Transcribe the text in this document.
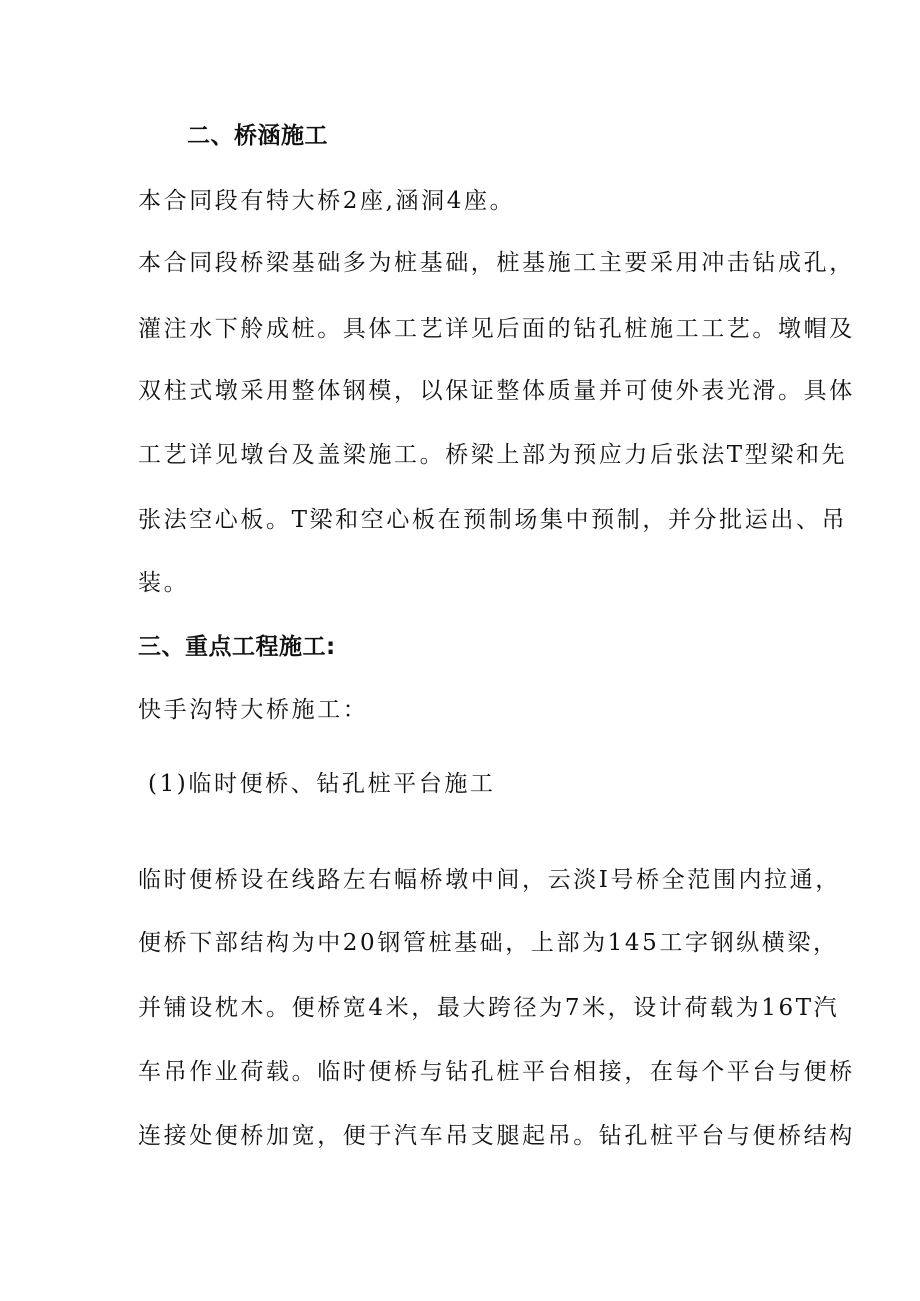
二、桥涵施工
本合同段有特大桥2座,涵洞4座。
本合同段桥梁基础多为桩基础，桩基施工主要采用冲击钻成孔，
灌注水下舲成桩。具体工艺详见后面的钻孔桩施工工艺。墩帽及
双柱式墩采用整体钢模，以保证整体质量并可使外表光滑。具体
工艺详见墩台及盖梁施工。桥梁上部为预应力后张法T型梁和先
张法空心板。T梁和空心板在预制场集中预制，并分批运出、吊
装。
三、重点工程施工:
快手沟特大桥施工：
(1)临时便桥、钻孔桩平台施工
临时便桥设在线路左右幅桥墩中间，云淡I号桥全范围内拉通，
便桥下部结构为中20钢管桩基础，上部为145工字钢纵横梁，
并铺设枕木。便桥宽4米，最大跨径为7米，设计荷载为16T汽
车吊作业荷载。临时便桥与钻孔桩平台相接，在每个平台与便桥
连接处便桥加宽，便于汽车吊支腿起吊。钻孔桩平台与便桥结构
